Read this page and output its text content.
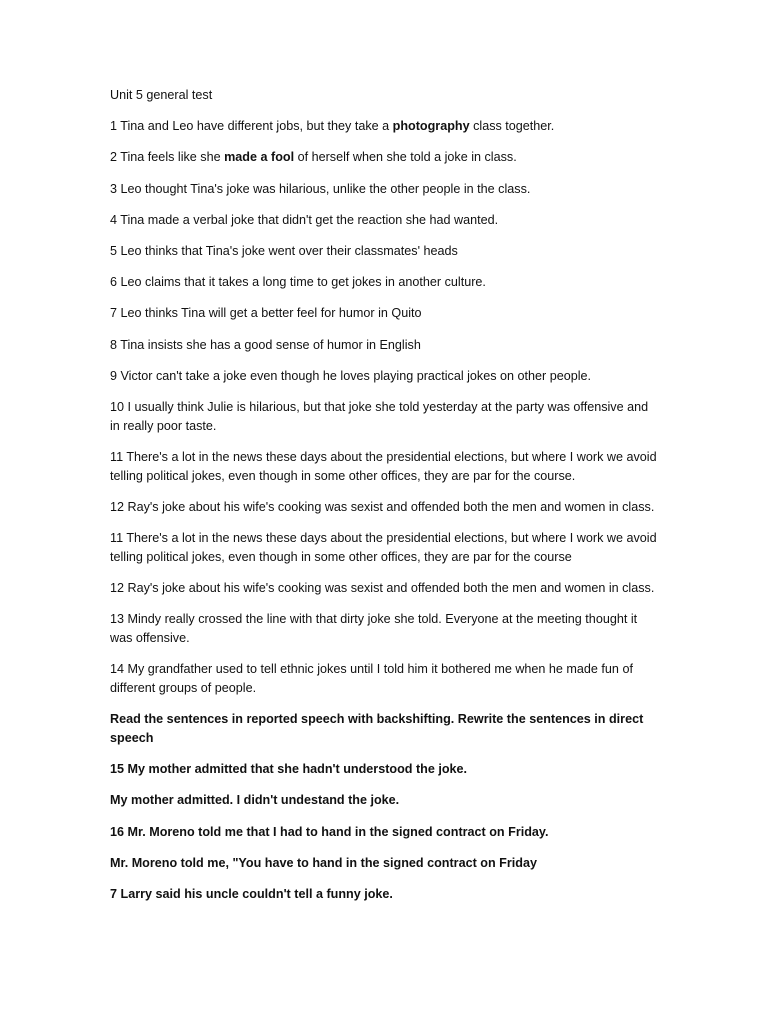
Unit 5 general test

1 Tina and Leo have different jobs, but they take a photography class together.

2 Tina feels like she made a fool of herself when she told a joke in class.

3 Leo thought Tina's joke was hilarious, unlike the other people in the class.

4 Tina made a verbal joke that didn't get the reaction she had wanted.

5 Leo thinks that Tina's joke went over their classmates' heads

6 Leo claims that it takes a long time to get jokes in another culture.

7 Leo thinks Tina will get a better feel for humor in Quito

8 Tina insists she has a good sense of humor in English

9 Victor can't take a joke even though he loves playing practical jokes on other people.

10 I usually think Julie is hilarious, but that joke she told yesterday at the party was offensive and in really poor taste.

11 There's a lot in the news these days about the presidential elections, but where I work we avoid telling political jokes, even though in some other offices, they are par for the course.

12 Ray's joke about his wife's cooking was sexist and offended both the men and women in class.

11 There's a lot in the news these days about the presidential elections, but where I work we avoid telling political jokes, even though in some other offices, they are par for the course

12 Ray's joke about his wife's cooking was sexist and offended both the men and women in class.

13 Mindy really crossed the line with that dirty joke she told. Everyone at the meeting thought it was offensive.

14 My grandfather used to tell ethnic jokes until I told him it bothered me when he made fun of different groups of people.

Read the sentences in reported speech with backshifting. Rewrite the sentences in direct speech

15 My mother admitted that she hadn't understood the joke.

My mother admitted. I didn't undestand the joke.

16 Mr. Moreno told me that I had to hand in the signed contract on Friday.

Mr. Moreno told me, "You have to hand in the signed contract on Friday

7 Larry said his uncle couldn't tell a funny joke.
